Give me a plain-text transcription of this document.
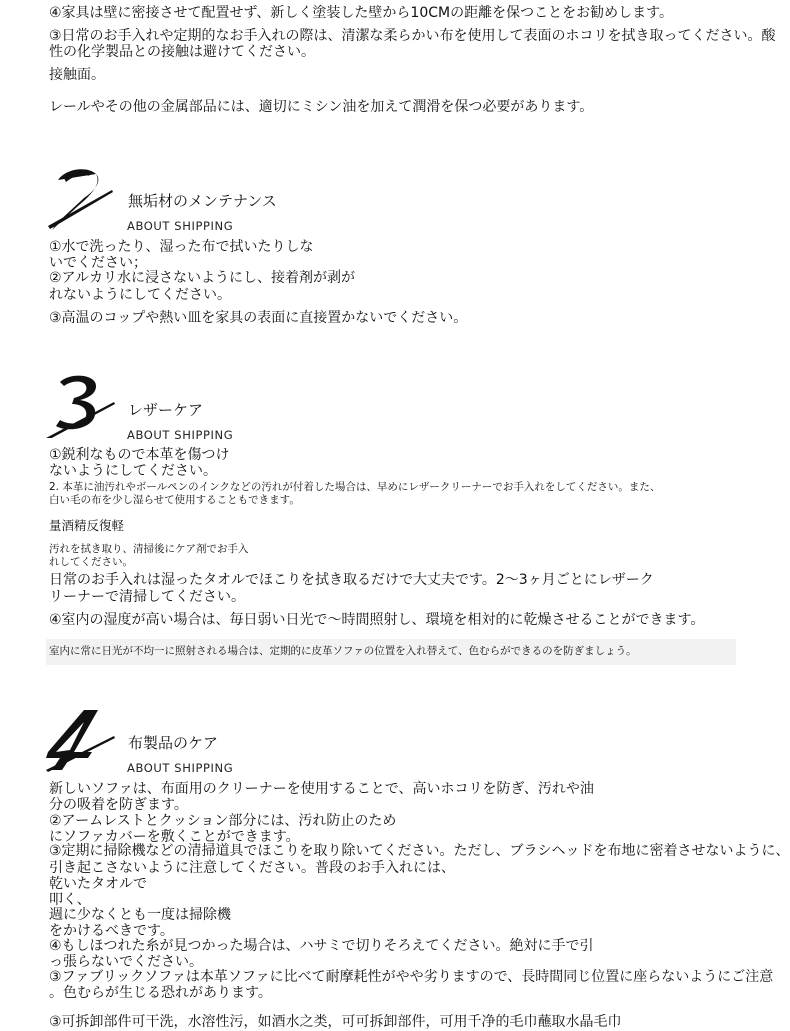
④家具は壁に密接させて配置せず、新しく塗装した壁から10CMの距離を保つことをお勧めします。

③日常のお手入れや定期的なお手入れの際は、清潔な柔らかい布を使用して表面のホコリを拭き取ってください。酸

性の化学製品との接触は避けてください。

接触面。

レールやその他の金属部品には、適切にミシン油を加えて潤滑を保つ必要があります。

無垢材のメンテナンス
ABOUT SHIPPING

①水で洗ったり、湿った布で拭いたりしな

いでください；

②アルカリ水に浸さないようにし、接着剤が剥が

れないようにしてください。

③高温のコップや熱い皿を家具の表面に直接置かないでください。

レザーケア
ABOUT SHIPPING

①鋭利なもので本革を傷つけ

ないようにしてください。

2. 本革に油汚れやボールペンのインクなどの汚れが付着した場合は、早めにレザークリーナーでお手入れをしてください。また、

白い毛の布を少し湿らせて使用することもできます。

量酒精反復軽

汚れを拭き取り、清掃後にケア剤でお手入

れしてください。

日常のお手入れは湿ったタオルでほこりを拭き取るだけで大丈夫です。2〜3ヶ月ごとにレザーク

リーナーで清掃してください。

④室内の湿度が高い場合は、毎日弱い日光で〜時間照射し、環境を相対的に乾燥させることができます。

室内に常に日光が不均一に照射される場合は、定期的に皮革ソファの位置を入れ替えて、色むらができるのを防ぎましょう。

布製品のケア
ABOUT SHIPPING

新しいソファは、布面用のクリーナーを使用することで、高いホコリを防ぎ、汚れや油

分の吸着を防ぎます。

②アームレストとクッション部分には、汚れ防止のため

にソファカバーを敷くことができます。

③定期に掃除機などの清掃道具でほこりを取り除いてください。ただし、ブラシヘッドを布地に密着させないように、

引き起こさないように注意してください。普段のお手入れには、

乾いたタオルで

叩く、

週に少なくとも一度は掃除機

をかけるべきです。

④もしほつれた糸が見つかった場合は、ハサミで切りそろえてください。絶対に手で引

っ張らないでください。

③ファブリックソファは本革ソファに比べて耐摩耗性がやや劣りますので、長時間同じ位置に座らないようにご注意

。色むらが生じる恐れがあります。

③可拆卸部件可干洗，水溶性污，如酒水之类，可可拆卸部件，可用千净的毛巾蘸取水晶毛巾
